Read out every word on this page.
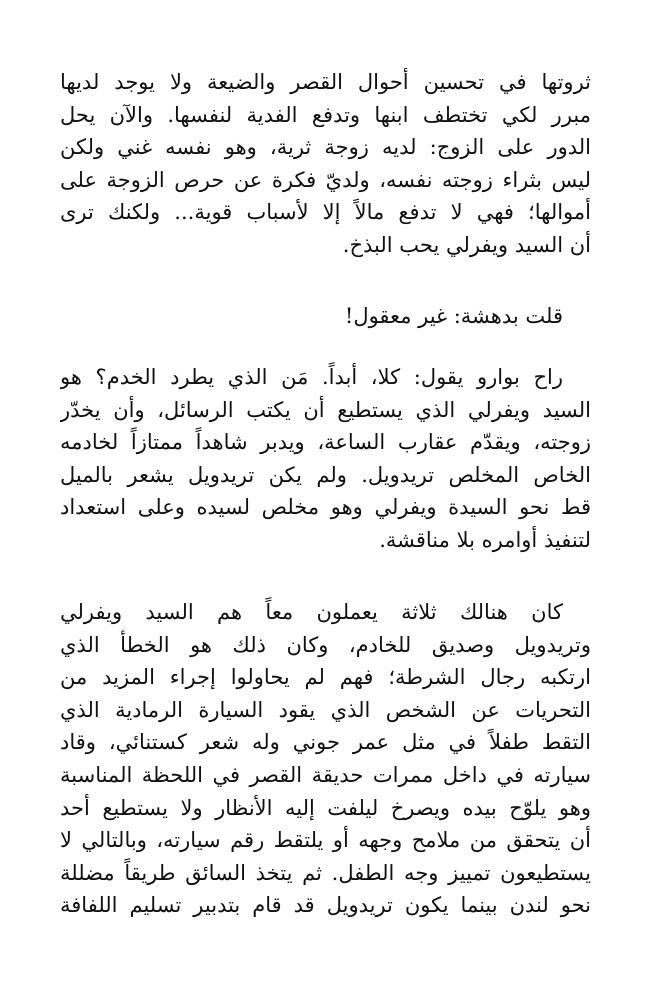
ثروتها في تحسين أحوال القصر والضيعة ولا يوجد لديها
مبرر لكي تختطف ابنها وتدفع الفدية لنفسها. والآن يحل
الدور على الزوج: لديه زوجة ثرية، وهو نفسه غني ولكن
ليس بثراء زوجته نفسه، ولديّ فكرة عن حرص الزوجة على
أموالها؛ فهي لا تدفع مالاً إلا لأسباب قوية... ولكنك ترى
أن السيد ويفرلي يحب البذخ.
قلت بدهشة: غير معقول!
راح بوارو يقول: كلا، أبداً. مَن الذي يطرد الخدم؟ هو
السيد ويفرلي الذي يستطيع أن يكتب الرسائل، وأن يخدّر
زوجته، ويقدّم عقارب الساعة، ويدبر شاهداً ممتازاً لخادمه
الخاص المخلص تريدويل. ولم يكن تريدويل يشعر بالميل
قط نحو السيدة ويفرلي وهو مخلص لسيده وعلى استعداد
لتنفيذ أوامره بلا مناقشة.
كان هنالك ثلاثة يعملون معاً هم السيد ويفرلي
وتريدويل وصديق للخادم، وكان ذلك هو الخطأ الذي
ارتكبه رجال الشرطة؛ فهم لم يحاولوا إجراء المزيد من
التحريات عن الشخص الذي يقود السيارة الرمادية الذي
التقط طفلاً في مثل عمر جوني وله شعر كستنائي، وقاد
سيارته في داخل ممرات حديقة القصر في اللحظة المناسبة
وهو يلوّح بيده ويصرخ ليلفت إليه الأنظار ولا يستطيع أحد
أن يتحقق من ملامح وجهه أو يلتقط رقم سيارته، وبالتالي لا
يستطيعون تمييز وجه الطفل. ثم يتخذ السائق طريقاً مضللة
نحو لندن بينما يكون تريدويل قد قام بتدبير تسليم اللفافة
